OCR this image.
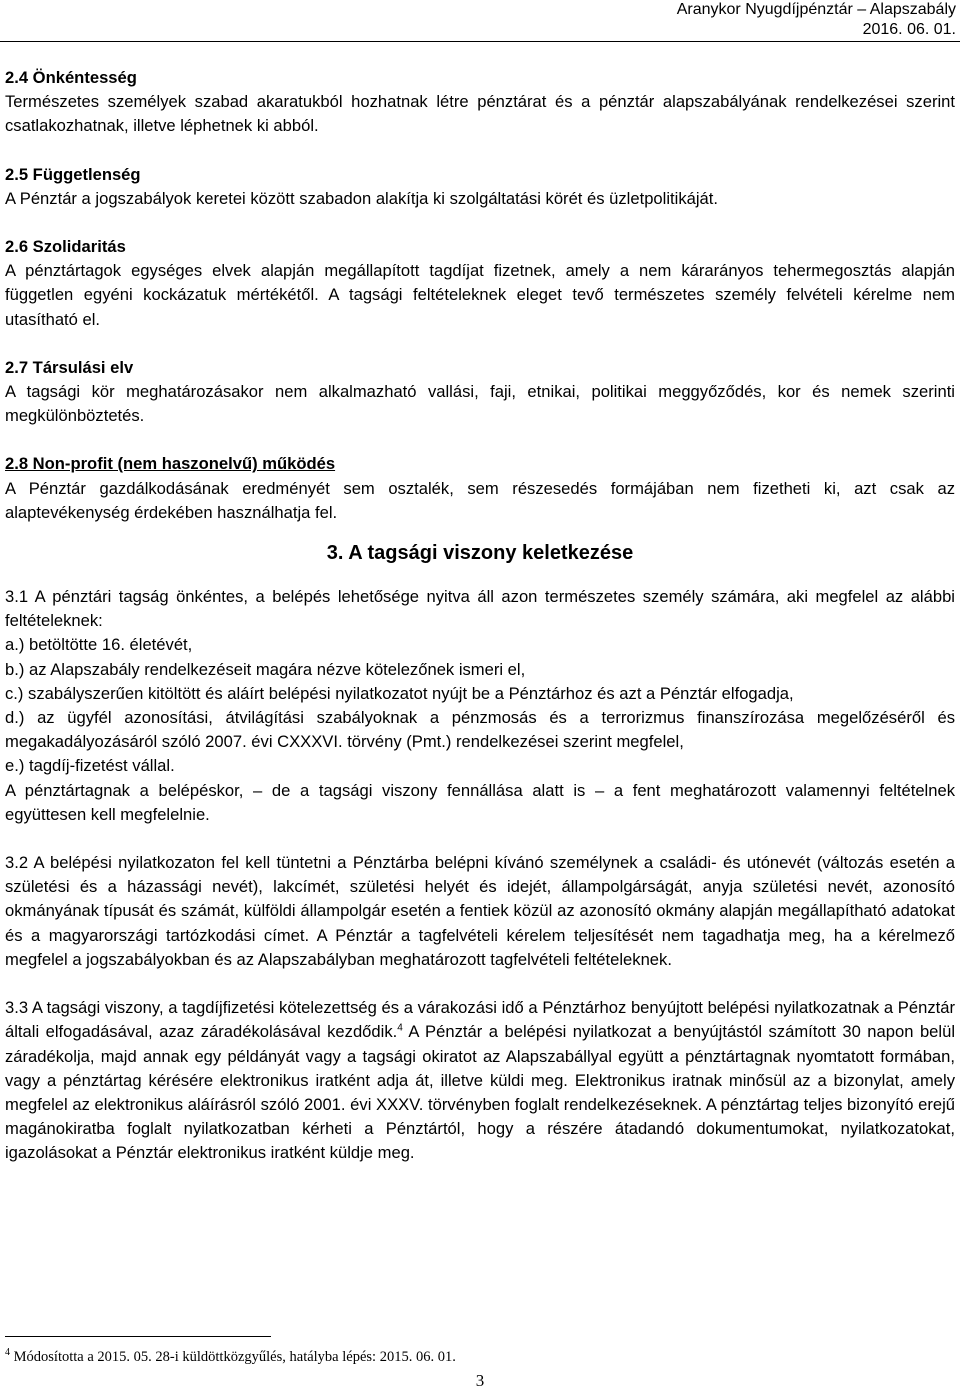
Aranykor Nyugdíjpénztár – Alapszabály
2016. 06. 01.

2.4 Önkéntesség

Természetes személyek szabad akaratukból hozhatnak létre pénztárat és a pénztár alapszabályának rendelkezései szerint csatlakozhatnak, illetve léphetnek ki abból.

2.5 Függetlenség

A Pénztár a jogszabályok keretei között szabadon alakítja ki szolgáltatási körét és üzletpolitikáját.

2.6 Szolidaritás

A pénztártagok egységes elvek alapján megállapított tagdíjat fizetnek, amely a nem kárarányos tehermegosztás alapján független egyéni kockázatuk mértékétől. A tagsági feltételeknek eleget tevő természetes személy felvételi kérelme nem utasítható el.

2.7 Társulási elv

A tagsági kör meghatározásakor nem alkalmazható vallási, faji, etnikai, politikai meggyőződés, kor és nemek szerinti megkülönböztetés.

2.8 Non-profit (nem haszonelvű) működés

A Pénztár gazdálkodásának eredményét sem osztalék, sem részesedés formájában nem fizetheti ki, azt csak az alaptevékenység érdekében használhatja fel.

3. A tagsági viszony keletkezése

3.1 A pénztári tagság önkéntes, a belépés lehetősége nyitva áll azon természetes személy számára, aki megfelel az alábbi feltételeknek:

a.) betöltötte 16. életévét,

b.) az Alapszabály rendelkezéseit magára nézve kötelezőnek ismeri el,

c.) szabályszerűen kitöltött és aláírt belépési nyilatkozatot nyújt be a Pénztárhoz és azt a Pénztár elfogadja,

d.) az ügyfél azonosítási, átvilágítási szabályoknak a pénzmosás és a terrorizmus finanszírozása megelőzéséről és megakadályozásáról szóló 2007. évi CXXXVI. törvény (Pmt.) rendelkezései szerint megfelel,

e.) tagdíj-fizetést vállal.

A pénztártagnak a belépéskor, – de a tagsági viszony fennállása alatt is – a fent meghatározott valamennyi feltételnek együttesen kell megfelelnie.

3.2 A belépési nyilatkozaton fel kell tüntetni a Pénztárba belépni kívánó személynek a családi- és utónevét (változás esetén a születési és a házassági nevét), lakcímét, születési helyét és idejét, állampolgárságát, anyja születési nevét, azonosító okmányának típusát és számát, külföldi állampolgár esetén a fentiek közül az azonosító okmány alapján megállapítható adatokat és a magyarországi tartózkodási címet. A Pénztár a tagfelvételi kérelem teljesítését nem tagadhatja meg, ha a kérelmező megfelel a jogszabályokban és az Alapszabályban meghatározott tagfelvételi feltételeknek.

3.3 A tagsági viszony, a tagdíjfizetési kötelezettség és a várakozási idő a Pénztárhoz benyújtott belépési nyilatkozatnak a Pénztár általi elfogadásával, azaz záradékolásával kezdődik.$^4$ A Pénztár a belépési nyilatkozat a benyújtástól számított 30 napon belül záradékolja, majd annak egy példányát vagy a tagsági okiratot az Alapszabállyal együtt a pénztártagnak nyomtatott formában, vagy a pénztártag kérésére elektronikus iratként adja át, illetve küldi meg. Elektronikus iratnak minősül az a bizonylat, amely megfelel az elektronikus aláírásról szóló 2001. évi XXXV. törvényben foglalt rendelkezéseknek. A pénztártag teljes bizonyító erejű magánokiratba foglalt nyilatkozatban kérheti a Pénztártól, hogy a részére átadandó dokumentumokat, nyilatkozatokat, igazolásokat a Pénztár elektronikus iratként küldje meg.

$^4$ Módosította a 2015. 05. 28-i küldöttközgyűlés, hatályba lépés: 2015. 06. 01.
3
